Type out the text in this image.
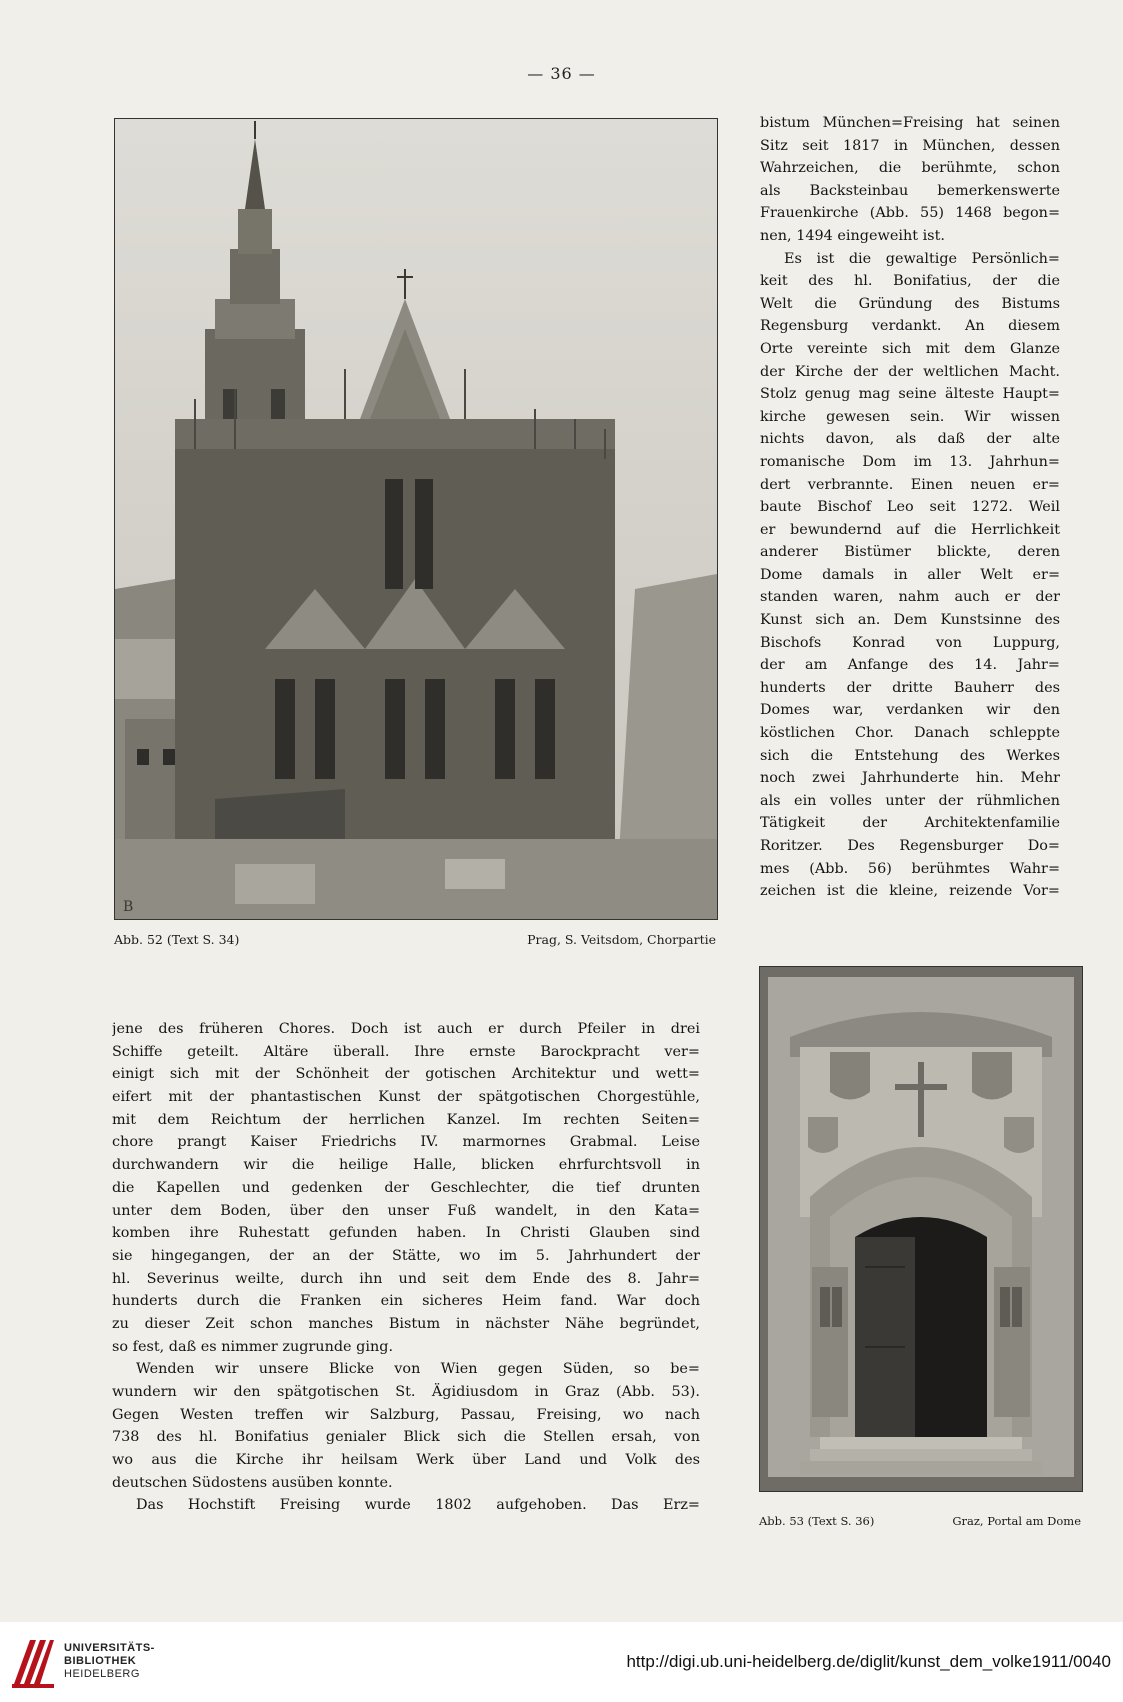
— 36 —
B
Abb. 52 (Text S. 34)	Prag, S. Veitsdom, Chorpartie
bistum München=Freising hat seinen
Sitz seit 1817 in München, dessen
Wahrzeichen, die berühmte, schon
als Backsteinbau bemerkenswerte
Frauenkirche (Abb. 55) 1468 begon=
nen, 1494 eingeweiht ist.
Es ist die gewaltige Persönlich=
keit des hl. Bonifatius, der die
Welt die Gründung des Bistums
Regensburg verdankt. An diesem
Orte vereinte sich mit dem Glanze
der Kirche der der weltlichen Macht.
Stolz genug mag seine älteste Haupt=
kirche gewesen sein. Wir wissen
nichts davon, als daß der alte
romanische Dom im 13. Jahrhun=
dert verbrannte. Einen neuen er=
baute Bischof Leo seit 1272. Weil
er bewundernd auf die Herrlichkeit
anderer Bistümer blickte, deren
Dome damals in aller Welt er=
standen waren, nahm auch er der
Kunst sich an. Dem Kunstsinne des
Bischofs Konrad von Luppurg,
der am Anfange des 14. Jahr=
hunderts der dritte Bauherr des
Domes war, verdanken wir den
köstlichen Chor. Danach schleppte
sich die Entstehung des Werkes
noch zwei Jahrhunderte hin. Mehr
als ein volles unter der rühmlichen
Tätigkeit der Architektenfamilie
Roritzer. Des Regensburger Do=
mes (Abb. 56) berühmtes Wahr=
zeichen ist die kleine, reizende Vor=
jene des früheren Chores. Doch ist auch er durch Pfeiler in drei
Schiffe geteilt. Altäre überall. Ihre ernste Barockpracht ver=
einigt sich mit der Schönheit der gotischen Architektur und wett=
eifert mit der phantastischen Kunst der spätgotischen Chorgestühle,
mit dem Reichtum der herrlichen Kanzel. Im rechten Seiten=
chore prangt Kaiser Friedrichs IV. marmornes Grabmal. Leise
durchwandern wir die heilige Halle, blicken ehrfurchtsvoll in
die Kapellen und gedenken der Geschlechter, die tief drunten
unter dem Boden, über den unser Fuß wandelt, in den Kata=
komben ihre Ruhestatt gefunden haben. In Christi Glauben sind
sie hingegangen, der an der Stätte, wo im 5. Jahrhundert der
hl. Severinus weilte, durch ihn und seit dem Ende des 8. Jahr=
hunderts durch die Franken ein sicheres Heim fand. War doch
zu dieser Zeit schon manches Bistum in nächster Nähe begründet,
so fest, daß es nimmer zugrunde ging.
Wenden wir unsere Blicke von Wien gegen Süden, so be=
wundern wir den spätgotischen St. Ägidiusdom in Graz (Abb. 53).
Gegen Westen treffen wir Salzburg, Passau, Freising, wo nach
738 des hl. Bonifatius genialer Blick sich die Stellen ersah, von
wo aus die Kirche ihr heilsam Werk über Land und Volk des
deutschen Südostens ausüben konnte.
Das Hochstift Freising wurde 1802 aufgehoben. Das Erz=
Abb. 53 (Text S. 36)	Graz, Portal am Dome
UNIVERSITÄTS-
BIBLIOTHEK
HEIDELBERG
http://digi.ub.uni-heidelberg.de/diglit/kunst_dem_volke1911/0040
